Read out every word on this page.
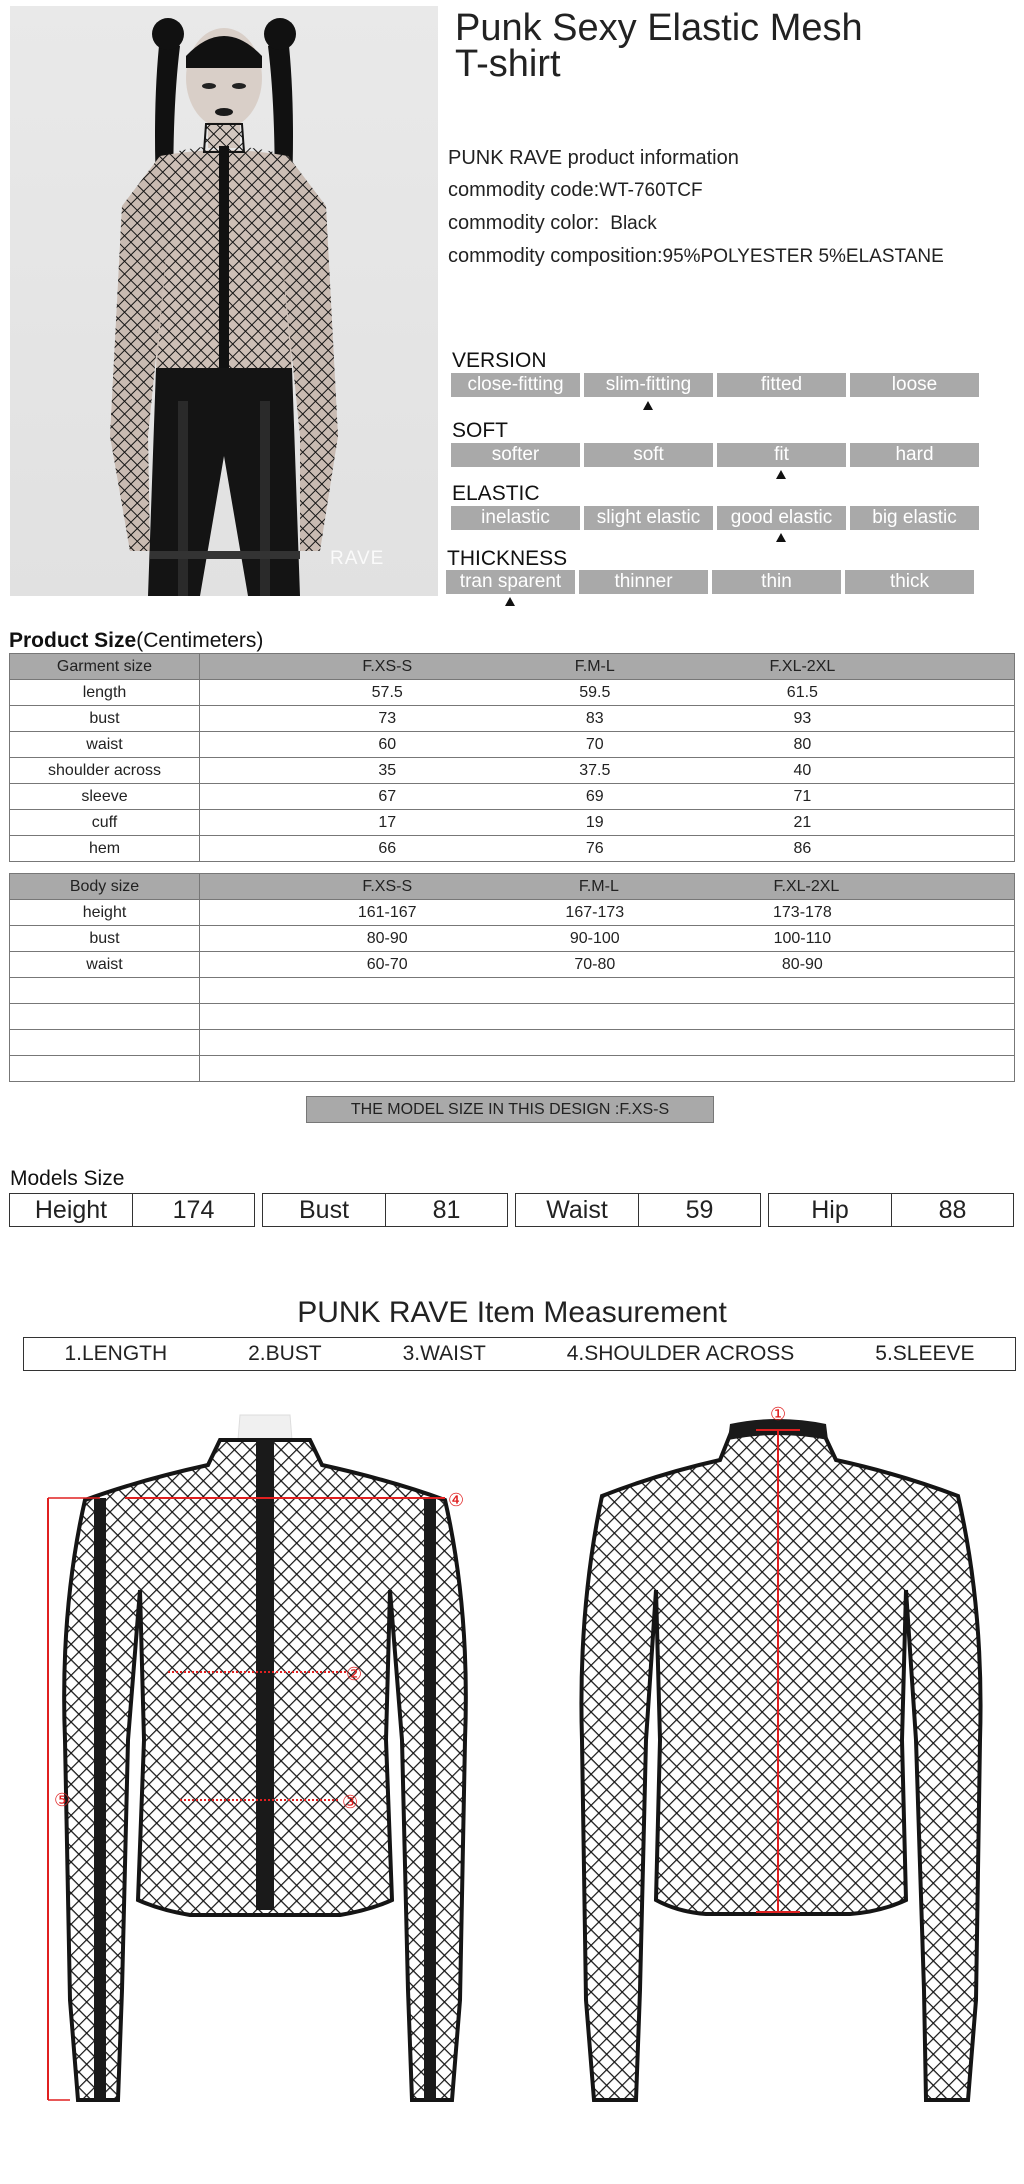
RAVE
Punk Sexy Elastic Mesh
T-shirt
PUNK RAVE product information
commodity code:WT-760TCF
commodity color: Black
commodity composition:95%POLYESTER 5%ELASTANE
VERSION
close-fitting	slim-fitting	fitted	loose
SOFT
softer	soft	fit	hard
ELASTIC
inelastic	slight elastic	good elastic	big elastic
THICKNESS
tran sparent	thinner	thin	thick
Product Size(Centimeters)
Garment size	F.XS-S F.M-L F.XL-2XL

length	57.5 59.5 61.5

bust	73 83 93

waist	60 70 80

shoulder across	35 37.5 40

sleeve	67 69 71

cuff	17 19 21

hem	66 76 86
Body size	F.XS-S F.M-L F.XL-2XL

height	161-167 167-173 173-178

bust	80-90 90-100 100-110

waist	60-70 70-80 80-90

THE MODEL SIZE IN THIS DESIGN :F.XS-S
Models Size
Height	174	Bust	81	Waist	59	Hip	88
PUNK RAVE Item Measurement
1.LENGTH	2.BUST	3.WAIST	4.SHOULDER ACROSS	5.SLEEVE
④
②
③
⑤
①
